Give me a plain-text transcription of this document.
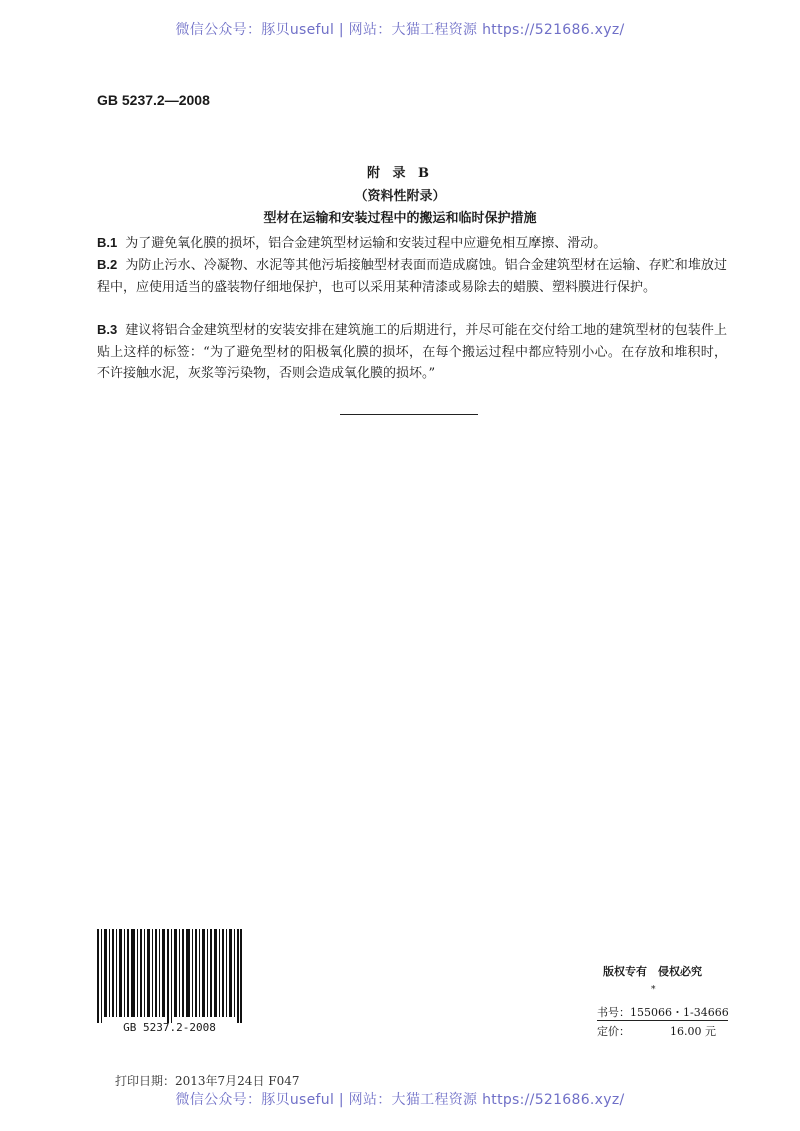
微信公众号：豚贝useful | 网站：大猫工程资源 https://521686.xyz/
GB 5237.2—2008
附 录 B
（资料性附录）
型材在运输和安装过程中的搬运和临时保护措施
B.1 为了避免氧化膜的损坏，铝合金建筑型材运输和安装过程中应避免相互摩擦、滑动。
B.2 为防止污水、冷凝物、水泥等其他污垢接触型材表面而造成腐蚀。铝合金建筑型材在运输、存贮和堆放过程中，应使用适当的盛装物仔细地保护，也可以采用某种清漆或易除去的蜡膜、塑料膜进行保护。
B.3 建议将铝合金建筑型材的安装安排在建筑施工的后期进行，并尽可能在交付给工地的建筑型材的包装件上贴上这样的标签：“为了避免型材的阳极氧化膜的损坏，在每个搬运过程中都应特别小心。在存放和堆积时，不许接触水泥，灰浆等污染物，否则会造成氧化膜的损坏。”
GB 5237.2-2008
版权专有　侵权必究
*
书号：155066・1-34666
定价：	16.00 元
打印日期：2013年7月24日 F047
微信公众号：豚贝useful | 网站：大猫工程资源 https://521686.xyz/
